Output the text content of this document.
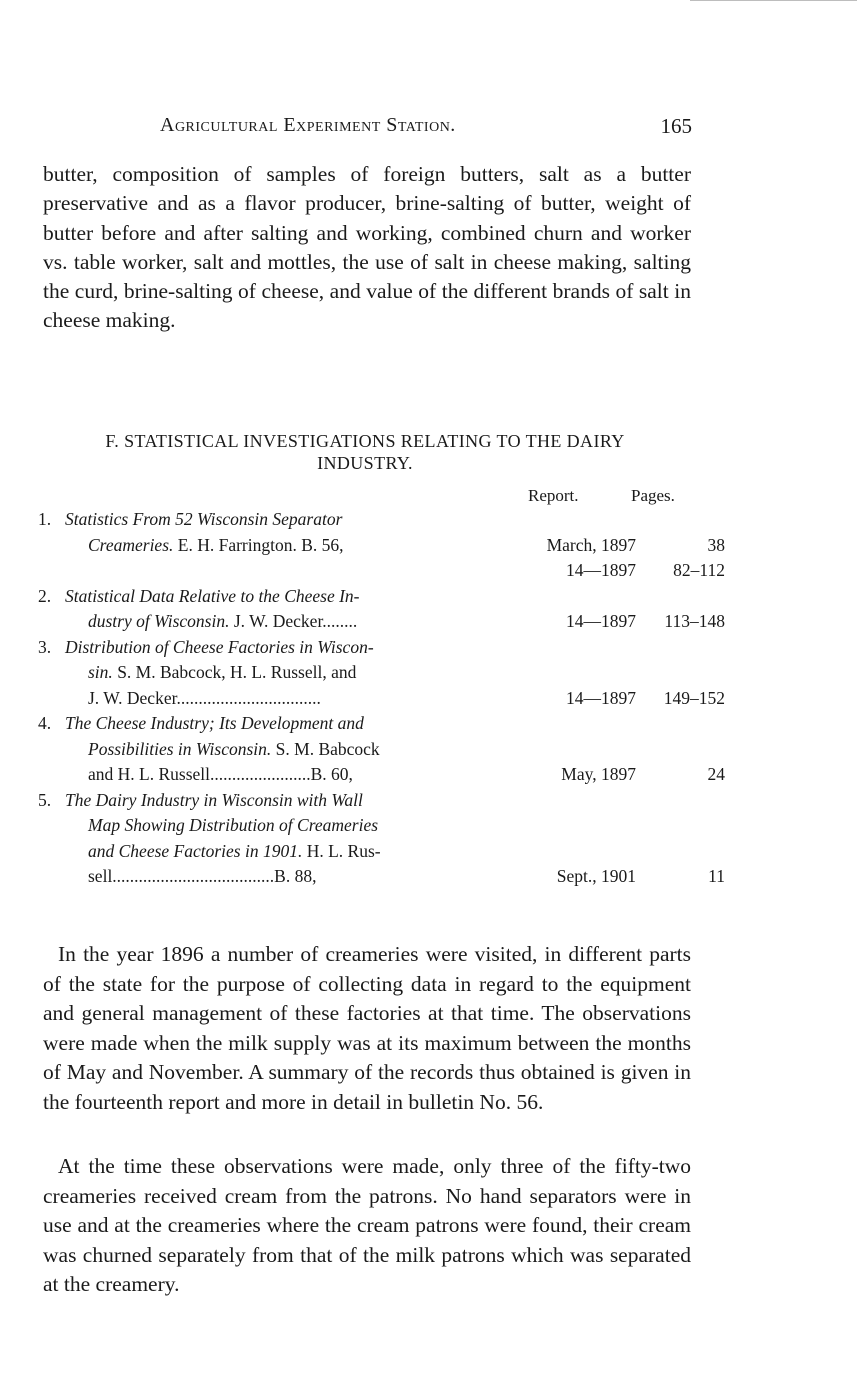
Agricultural Experiment Station.	165

butter, composition of samples of foreign butters, salt as a butter preservative and as a flavor producer, brine-salting of butter, weight of butter before and after salting and working, combined churn and worker vs. table worker, salt and mottles, the use of salt in cheese making, salting the curd, brine-salting of cheese, and value of the different brands of salt in cheese making.

F. STATISTICAL INVESTIGATIONS RELATING TO THE DAIRY
INDUSTRY.
Report.	Pages.
1. Statistics From 52 Wisconsin Separator
Creameries. E. H. Farrington. B. 56,	March, 1897	38
14—1897	82–112
2. Statistical Data Relative to the Cheese In-
dustry of Wisconsin. J. W. Decker........	14—1897	113–148
3. Distribution of Cheese Factories in Wiscon-
sin. S. M. Babcock, H. L. Russell, and
J. W. Decker.................................	14—1897	149–152
4. The Cheese Industry; Its Development and
Possibilities in Wisconsin. S. M. Babcock
and H. L. Russell.......................B. 60,	May, 1897	24
5. The Dairy Industry in Wisconsin with Wall
Map Showing Distribution of Creameries
and Cheese Factories in 1901. H. L. Rus-
sell.....................................B. 88,	Sept., 1901	11

In the year 1896 a number of creameries were visited, in different parts of the state for the purpose of collecting data in regard to the equipment and general management of these factories at that time. The observations were made when the milk supply was at its maximum between the months of May and November. A summary of the records thus obtained is given in the fourteenth report and more in detail in bulletin No. 56.

At the time these observations were made, only three of the fifty-two creameries received cream from the patrons. No hand separators were in use and at the creameries where the cream patrons were found, their cream was churned separately from that of the milk patrons which was separated at the creamery.
